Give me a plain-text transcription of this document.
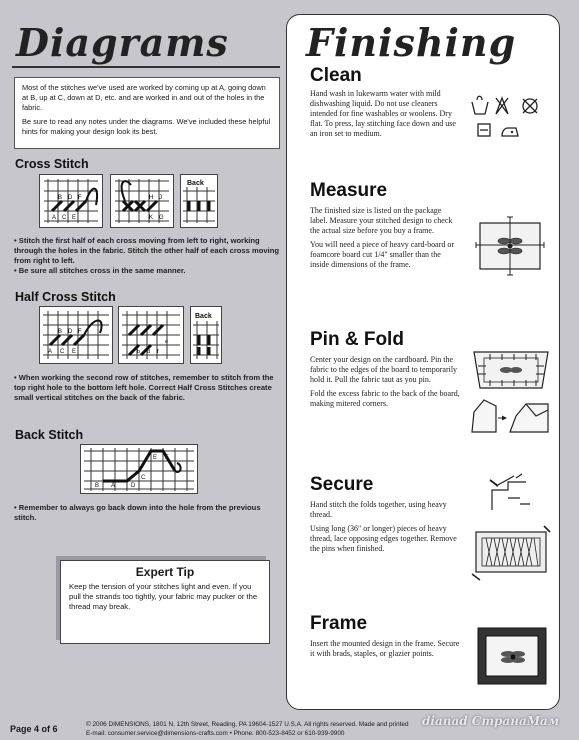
Diagrams

Most of the stitches we've used are worked by coming up at A, going down at B, up at C, down at D, etc. and are worked in and out of the holes in the fabric.

Be sure to read any notes under the diagrams. We've included these helpful hints for making your design look its best.

Cross Stitch
B D F
A C E
H J
K G
Back
• Stitch the first half of each cross moving from left to right, working through the holes in the fabric. Stitch the other half of each cross moving from right to left.
• Be sure all stitches cross in the same manner.
Half Cross Stitch
B D F
A C E
e
f
d
b
Back
• When working the second row of stitches, remember to stitch from the top right hole to the bottom left hole. Correct Half Cross Stitches create small vertical stitches on the back of the fabric.
Back Stitch
B A	D
C
E F
• Remember to always go back down into the hole from the previous stitch.
Expert Tip
Keep the tension of your stitches light and even. If you pull the strands too tightly, your fabric may pucker or the thread may break.
Finishing
Clean

Hand wash in lukewarm water with mild dishwashing liquid. Do not use cleaners intended for fine washables or woolens. Dry flat. To press, lay stitching face down and use an iron set to medium.

Measure

The finished size is listed on the package label. Measure your stitched design to check the actual size before you buy a frame.

You will need a piece of heavy card-board or foamcore board cut 1/4" smaller than the inside dimensions of the frame.

Pin & Fold

Center your design on the cardboard. Pin the fabric to the edges of the board to temporarily hold it. Pull the fabric taut as you pin.

Fold the excess fabric to the back of the board, making mitered corners.

Secure

Hand stitch the folds together, using heavy thread.

Using long (36" or longer) pieces of heavy thread, lace opposing edges together. Remove the pins when finished.

Frame

Insert the mounted design in the frame. Secure it with brads, staples, or glazier points.

Page 4 of 6	© 2006 DIMENSIONS, 1801 N. 12th Street, Reading, PA 19604-1527 U.S.A. All rights reserved. Made and printed
E-mail: consumer.service@dimensions-crafts.com • Phone: 800-523-8452 or 610-939-9900
dianad СтранаМам
